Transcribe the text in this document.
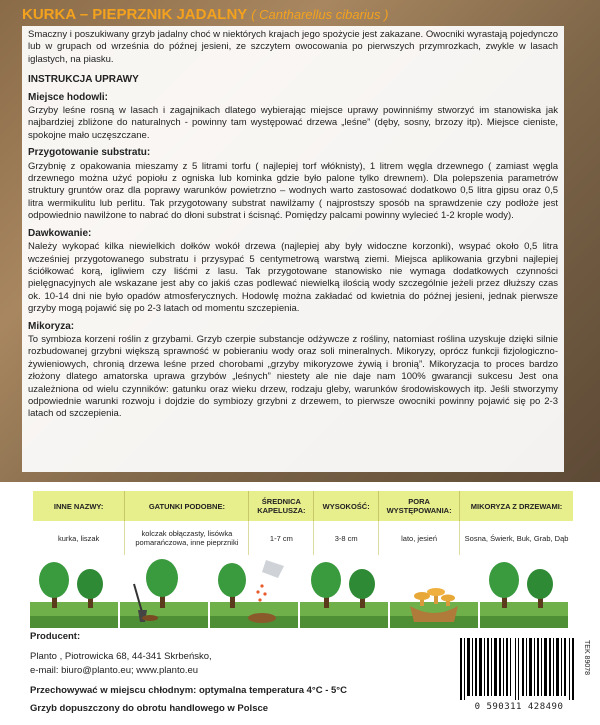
KURKA – PIEPRZNIK JADALNY ( Cantharellus cibarius )

Smaczny i poszukiwany grzyb jadalny choć w niektórych krajach jego spożycie jest zakazane. Owocniki wyrastają pojedynczo lub w grupach od września do późnej jesieni, ze szczytem owocowania po pierwszych przymrozkach, zwykle w lasach iglastych, na piasku.

INSTRUKCJA UPRAWY
Miejsce hodowli:

Grzyby leśne rosną w lasach i zagajnikach dlatego wybierając miejsce uprawy powinniśmy stworzyć im stanowiska jak najbardziej zbliżone do naturalnych - powinny tam występować drzewa „leśne” (dęby, sosny, brzozy itp). Miejsce cieniste, spokojne mało uczęszczane.

Przygotowanie substratu:

Grzybnię z opakowania mieszamy z 5 litrami torfu ( najlepiej torf włóknisty), 1 litrem węgla drzewnego ( zamiast węgla drzewnego można użyć popiołu z ogniska lub kominka gdzie było palone tylko drewnem). Dla polepszenia parametrów struktury gruntów oraz dla poprawy warunków powietrzno – wodnych warto zastosować dodatkowo 0,5 litra gipsu oraz 0,5 litra wermikulitu lub perlitu. Tak przygotowany substrat nawilżamy ( najprostszy sposób na sprawdzenie czy podłoże jest odpowiednio nawilżone to nabrać do dłoni substrat i ścisnąć. Pomiędzy palcami powinny wylecieć 1-2 krople wody).

Dawkowanie:

Należy wykopać kilka niewielkich dołków wokół drzewa (najlepiej aby były widoczne korzonki), wsypać około 0,5 litra wcześniej przygotowanego substratu i przysypać 5 centymetrową warstwą ziemi. Miejsca aplikowania grzybni najlepiej ściółkować korą, igliwiem czy liśćmi z lasu. Tak przygotowane stanowisko nie wymaga dodatkowych czynności pielęgnacyjnych ale wskazane jest aby co jakiś czas podlewać niewielką ilością wody szczególnie jeżeli przez dłuższy czas ok. 10-14 dni nie było opadów atmosferycznych. Hodowlę można zakładać od kwietnia do późnej jesieni, jednak pierwsze grzyby mogą pojawić się po 2-3 latach od momentu szczepienia.

Mikoryza:

To symbioza korzeni roślin z grzybami. Grzyb czerpie substancje odżywcze z rośliny, natomiast roślina uzyskuje dzięki silnie rozbudowanej grzybni większą sprawność w pobieraniu wody oraz soli mineralnych. Mikoryzy, oprócz funkcji fizjologiczno-żywieniowych, chronią drzewa leśne przed chorobami „grzyby mikoryzowe żywią i bronią”. Mikoryzacja to proces bardzo złożony dlatego amatorska uprawa grzybów „leśnych” niestety ale nie daje nam 100% gwarancji sukcesu Jest ona uzależniona od wielu czynników: gatunku oraz wieku drzew, rodzaju gleby, warunków środowiskowych itp. Jeśli stworzymy odpowiednie warunki rozwoju i dojdzie do symbiozy grzybni z drzewem, to pierwsze owocniki powinny pojawić się po 2-3 latach od szczepienia.

INNE NAZWY:	GATUNKI PODOBNE:	ŚREDNICA KAPELUSZA:	WYSOKOŚĆ:	PORA WYSTĘPOWANIA:	MIKORYZA Z DRZEWAMI:
kurka, liszak	kolczak obłączasty, lisówka pomarańczowa, inne pieprzniki	1-7 cm	3-8 cm	lato, jesień	Sosna, Świerk, Buk, Grab, Dąb
Producent:
Planto , Piotrowicka 68, 44-341 Skrbeńsko,
e-mail: biuro@planto.eu; www.planto.eu
Przechowywać w miejscu chłodnym: optymalna temperatura 4°C - 5°C
Grzyb dopuszczony do obrotu handlowego w Polsce
TEK 89078
0 590311 428490
